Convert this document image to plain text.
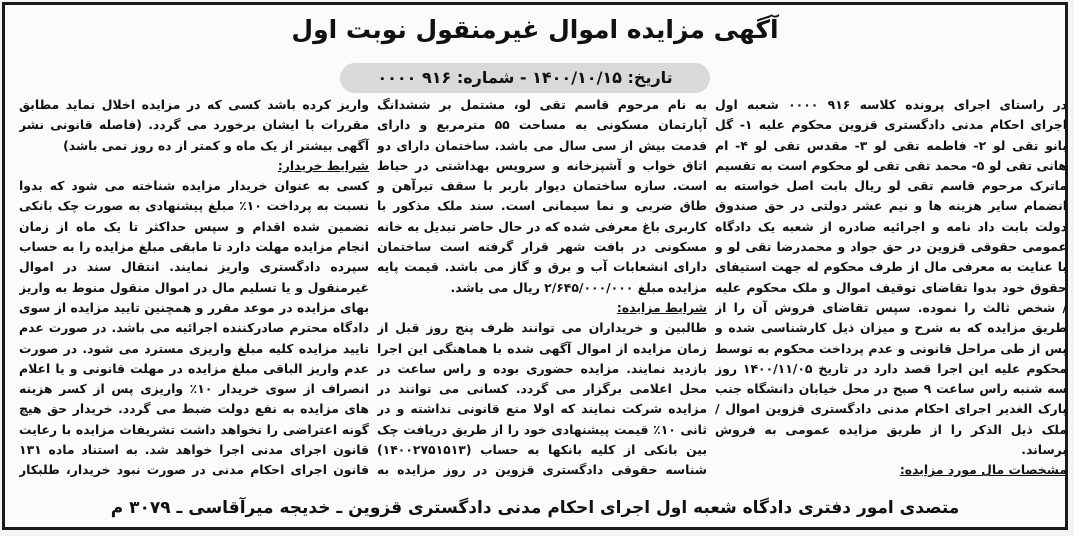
آگهی مزایده اموال غیرمنقول نوبت اول
تاریخ: ۱۴۰۰/۱۰/۱۵ - شماره: ۹۱۶ ۰۰۰۰

در راستای اجرای پرونده کلاسه ۹۱۶ ۰۰۰۰ شعبه اول اجرای احکام مدنی دادگستری قزوین محکوم علیه ۱- گل بانو تقی لو ۲- فاطمه تقی لو ۳- مقدس تقی لو ۴- ام هانی تقی لو ۵- محمد تقی تقی لو محکوم است به تقسیم ماترک مرحوم قاسم تقی لو ریال بابت اصل خواسته به انضمام سایر هزینه ها و نیم عشر دولتی در حق صندوق دولت بابت داد نامه و اجرائیه صادره از شعبه یک دادگاه عمومی حقوقی قزوین در حق جواد و محمدرضا تقی لو و با عنایت به معرفی مال از طرف محکوم له جهت استیفای حقوق خود بدوا تقاضای توقیف اموال و ملک محکوم علیه / شخص ثالث را نموده. سپس تقاضای فروش آن را از طریق مزایده که به شرح و میزان ذیل کارشناسی شده و پس از طی مراحل قانونی و عدم پرداخت محکوم به توسط محکوم علیه این اجرا قصد دارد در تاریخ ۱۴۰۰/۱۱/۰۵ روز سه شنبه راس ساعت ۹ صبح در محل خیابان دانشگاه جنب پارک الغدیر اجرای احکام مدنی دادگستری قزوین اموال / ملک ذیل الذکر را از طریق مزایده عمومی به فروش برساند.

مشخصات مال مورد مزایده:

به نام مرحوم قاسم تقی لو، مشتمل بر ششدانگ آپارتمان مسکونی به مساحت ۵۵ مترمربع و دارای قدمت بیش از سی سال می باشد. ساختمان دارای دو اتاق خواب و آشپزخانه و سرویس بهداشتی در حیاط است. سازه ساختمان دیوار باربر با سقف تیرآهن و طاق ضربی و نما سیمانی است. سند ملک مذکور با کاربری باغ معرفی شده که در حال حاضر تبدیل به خانه مسکونی در بافت شهر قرار گرفته است ساختمان دارای انشعابات آب و برق و گاز می باشد. قیمت پایه مزایده مبلغ ۲/۶۴۵/۰۰۰/۰۰۰ ریال می باشد.

شرایط مزایده:

طالبین و خریداران می توانند ظرف پنج روز قبل از زمان مزایده از اموال آگهی شده با هماهنگی این اجرا بازدید نمایند. مزایده حضوری بوده و راس ساعت در محل اعلامی برگزار می گردد. کسانی می توانند در مزایده شرکت نمایند که اولا منع قانونی نداشته و در ثانی ۱۰٪ قیمت پیشنهادی خود را از طریق دریافت چک بین بانکی از کلیه بانکها به حساب (۱۴۰۰۲۷۵۱۵۱۳) شناسه حقوقی دادگستری قزوین در روز مزایده به

واریز کرده باشد کسی که در مزایده اخلال نماید مطابق مقررات با ایشان برخورد می گردد. (فاصله قانونی نشر آگهی بیشتر از یک ماه و کمتر از ده روز نمی باشد)

شرایط خریدار:

کسی به عنوان خریدار مزایده شناخته می شود که بدوا نسبت به پرداخت ۱۰٪ مبلغ پیشنهادی به صورت چک بانکی تضمین شده اقدام و سپس حداکثر تا یک ماه از زمان انجام مزایده مهلت دارد تا مابقی مبلغ مزایده را به حساب سپرده دادگستری واریز نمایند. انتقال سند در اموال غیرمنقول و یا تسلیم مال در اموال منقول منوط به واریز بهای مزایده در موعد مقرر و همچنین تایید مزایده از سوی دادگاه محترم صادرکننده اجرائیه می باشد. در صورت عدم تایید مزایده کلیه مبلغ واریزی مسترد می شود. در صورت عدم واریز الباقی مبلغ مزایده در مهلت قانونی و یا اعلام انصراف از سوی خریدار ۱۰٪ واریزی پس از کسر هزینه های مزایده به نفع دولت ضبط می گردد. خریدار حق هیچ گونه اعتراضی را نخواهد داشت تشریفات مزایده با رعایت قانون اجرای مدنی اجرا خواهد شد. به استناد ماده ۱۳۱ قانون اجرای احکام مدنی در صورت نبود خریدار، طلبکار

متصدی امور دفتری دادگاه شعبه اول اجرای احکام مدنی دادگستری قزوین ـ خدیجه میرآقاسی ـ ۳۰۷۹ م
